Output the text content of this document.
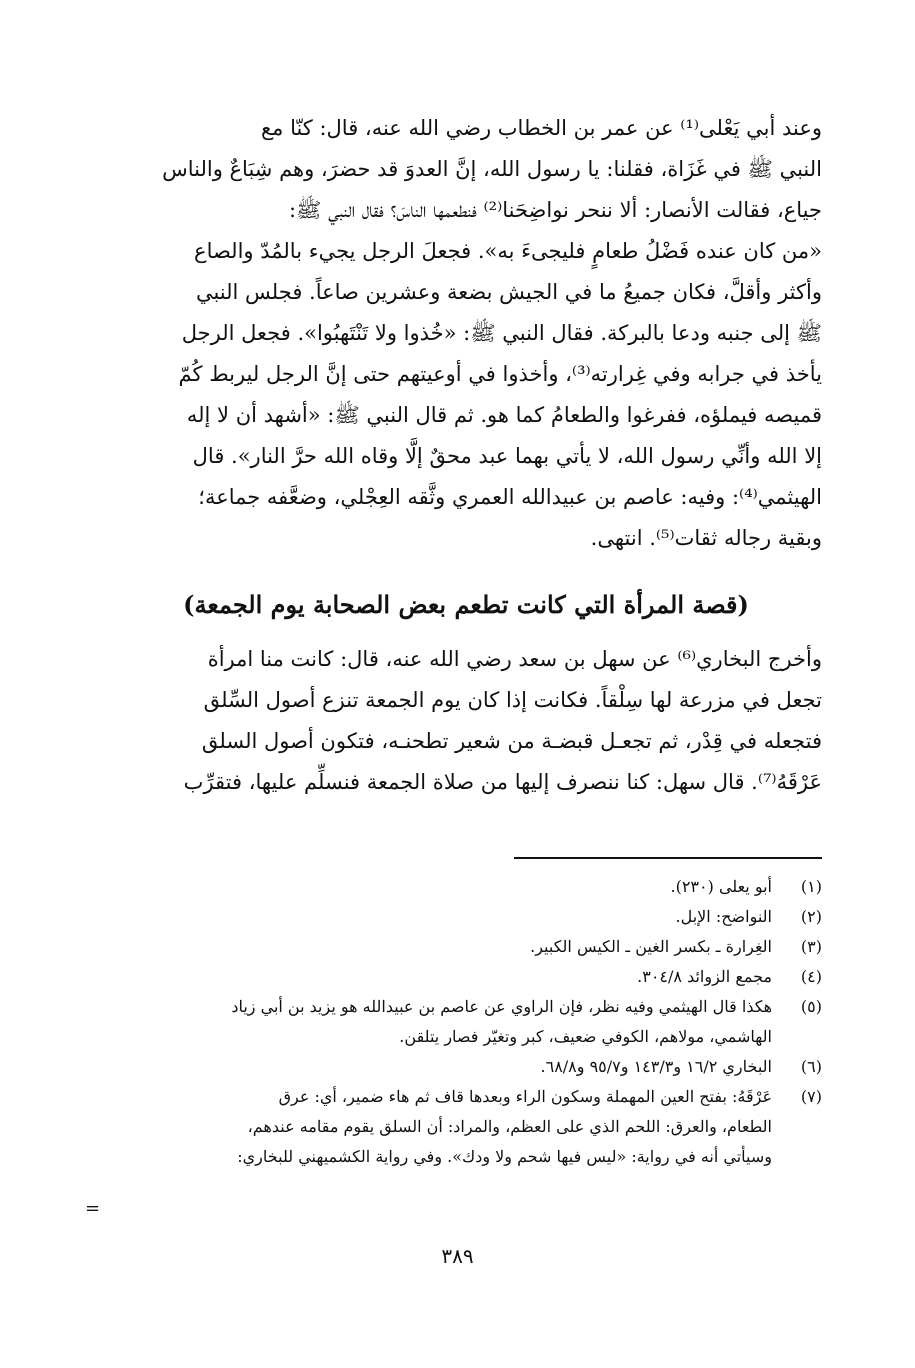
وعند أبي يَعْلى⁽¹⁾ عن عمر بن الخطاب رضي الله عنه، قال: كنّا مع
النبي ﷺ في غَزَاة، فقلنا: يا رسول الله، إنَّ العدوَ قد حضرَ، وهم شِبَاعٌ والناس
جياع، فقالت الأنصار: ألا ننحر نواضِحَنا⁽²⁾ فنطعمها الناسَ؟ فقال النبي ﷺ:
«من كان عنده فَضْلُ طعامٍ فليجىءَ به». فجعلَ الرجل يجيء بالمُدّ والصاع
وأكثر وأقلَّ، فكان جميعُ ما في الجيش بضعة وعشرين صاعاً. فجلس النبي
ﷺ إلى جنبه ودعا بالبركة. فقال النبي ﷺ: «خُذوا ولا تَنْتَهبُوا». فجعل الرجل
يأخذ في جرابه وفي غِرارته⁽³⁾، وأخذوا في أوعيتهم حتى إنَّ الرجل ليربط كُمّ
قميصه فيملؤه، ففرغوا والطعامُ كما هو. ثم قال النبي ﷺ: «أشهد أن لا إله
إلا الله وأنِّي رسول الله، لا يأتي بهما عبد محقٌ إلَّا وقاه الله حرَّ النار». قال
الهيثمي⁽⁴⁾: وفيه: عاصم بن عبيدالله العمري وثَّقه العِجْلي، وضعَّفه جماعة؛
وبقية رجاله ثقات⁽⁵⁾. انتهى.

(قصة المرأة التي كانت تطعم بعض الصحابة يوم الجمعة)

وأخرج البخاري⁽⁶⁾ عن سهل بن سعد رضي الله عنه، قال: كانت منا امرأة
تجعل في مزرعة لها سِلْقاً. فكانت إذا كان يوم الجمعة تنزع أصول السِّلق
فتجعله في قِدْر، ثم تجعـل قبضـة من شعير تطحنـه، فتكون أصول السلق
عَرْقَهُ⁽⁷⁾. قال سهل: كنا ننصرف إليها من صلاة الجمعة فنسلِّم عليها، فتقرِّب

(١)
أبو يعلى (٢٣٠).
(٢)
النواضح: الإبل.
(٣)
الغِرارة ـ بكسر الغين ـ الكيس الكبير.
(٤)
مجمع الزوائد ٣٠٤/٨.
(٥)
هكذا قال الهيثمي وفيه نظر، فإن الراوي عن عاصم بن عبيدالله هو يزيد بن أبي زياد
الهاشمي، مولاهم، الكوفي ضعيف، كبر وتغيّر فصار يتلقن.
(٦)
البخاري ١٦/٢ و١٤٣/٣ و٩٥/٧ و٦٨/٨.
(٧)
عَرْقَهُ: بفتح العين المهملة وسكون الراء وبعدها قاف ثم هاء ضمير، أي: عرق
الطعام، والعرق: اللحم الذي على العظم، والمراد: أن السلق يقوم مقامه عندهم،
وسيأتي أنه في رواية: «ليس فيها شحم ولا ودك». وفي رواية الكشميهني للبخاري:
=
٣٨٩
